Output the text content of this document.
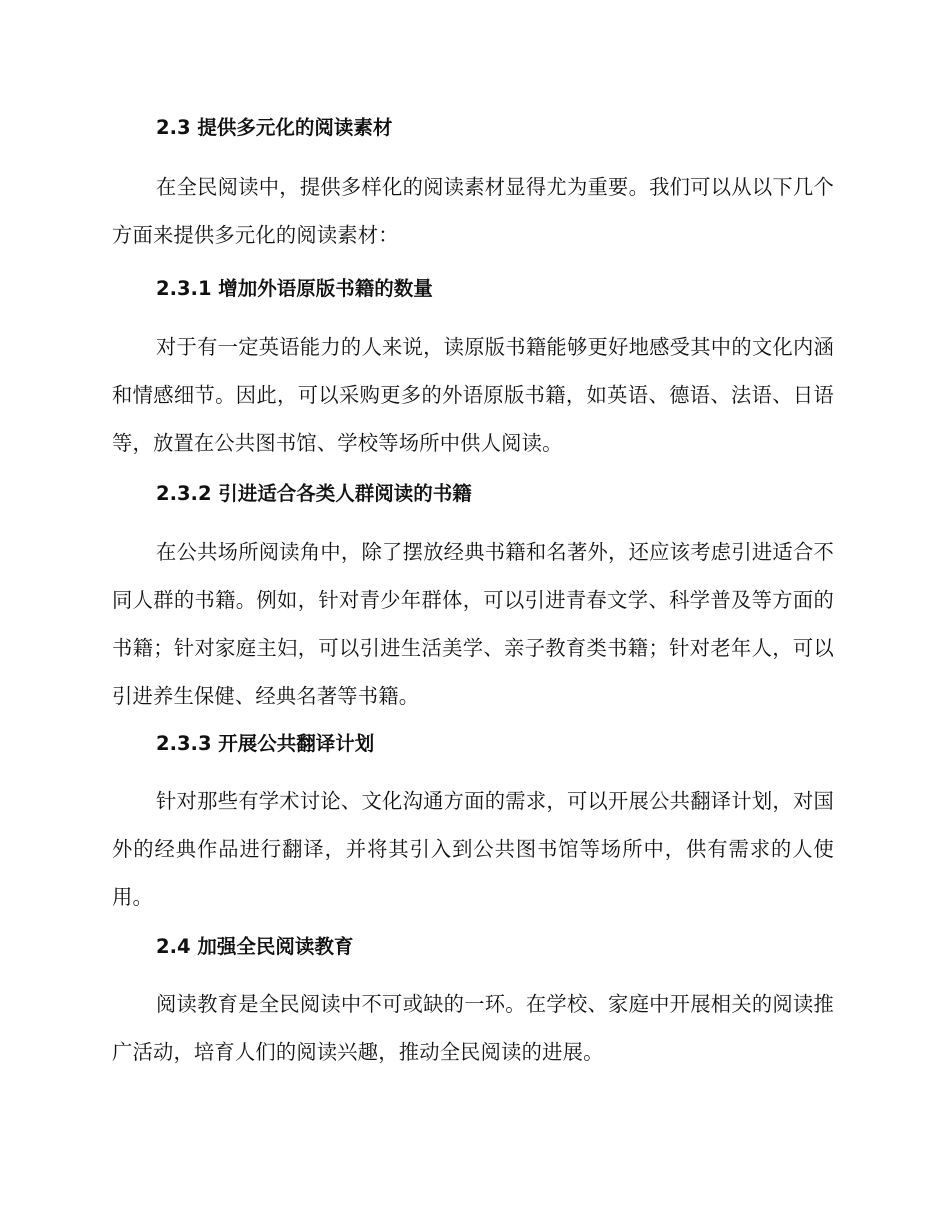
2.3 提供多元化的阅读素材
在全民阅读中，提供多样化的阅读素材显得尤为重要。我们可以从以下几个方面来提供多元化的阅读素材：
2.3.1 增加外语原版书籍的数量
对于有一定英语能力的人来说，读原版书籍能够更好地感受其中的文化内涵和情感细节。因此，可以采购更多的外语原版书籍，如英语、德语、法语、日语等，放置在公共图书馆、学校等场所中供人阅读。
2.3.2 引进适合各类人群阅读的书籍
在公共场所阅读角中，除了摆放经典书籍和名著外，还应该考虑引进适合不同人群的书籍。例如，针对青少年群体，可以引进青春文学、科学普及等方面的书籍；针对家庭主妇，可以引进生活美学、亲子教育类书籍；针对老年人，可以引进养生保健、经典名著等书籍。
2.3.3 开展公共翻译计划
针对那些有学术讨论、文化沟通方面的需求，可以开展公共翻译计划，对国外的经典作品进行翻译，并将其引入到公共图书馆等场所中，供有需求的人使用。
2.4 加强全民阅读教育
阅读教育是全民阅读中不可或缺的一环。在学校、家庭中开展相关的阅读推广活动，培育人们的阅读兴趣，推动全民阅读的进展。
